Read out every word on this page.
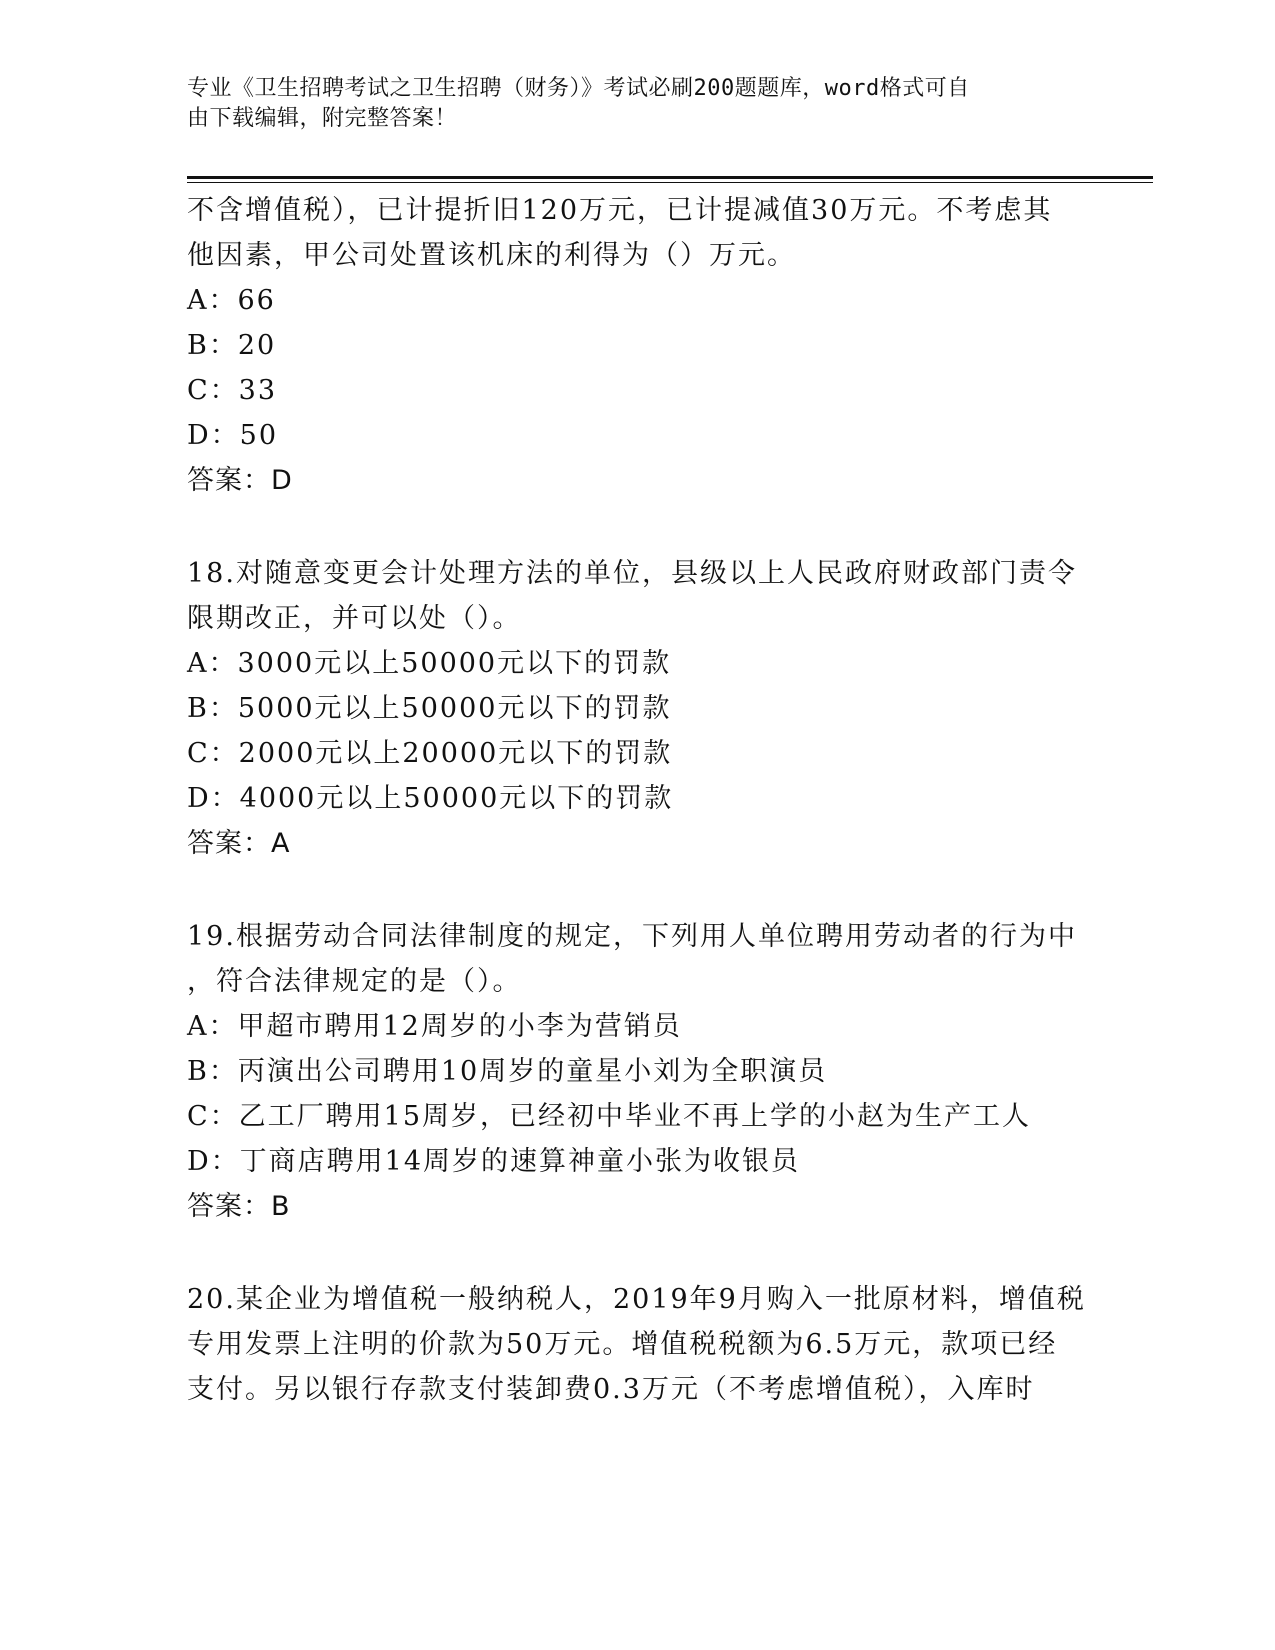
专业《卫生招聘考试之卫生招聘（财务）》考试必刷200题题库，word格式可自
由下载编辑，附完整答案！
不含增值税），已计提折旧120万元，已计提减值30万元。不考虑其
他因素，甲公司处置该机床的利得为（）万元。
A：66
B：20
C：33
D：50
答案：D
18.对随意变更会计处理方法的单位，县级以上人民政府财政部门责令
限期改正，并可以处（）。
A：3000元以上50000元以下的罚款
B：5000元以上50000元以下的罚款
C：2000元以上20000元以下的罚款
D：4000元以上50000元以下的罚款
答案：A
19.根据劳动合同法律制度的规定，下列用人单位聘用劳动者的行为中
，符合法律规定的是（）。
A：甲超市聘用12周岁的小李为营销员
B：丙演出公司聘用10周岁的童星小刘为全职演员
C：乙工厂聘用15周岁，已经初中毕业不再上学的小赵为生产工人
D：丁商店聘用14周岁的速算神童小张为收银员
答案：B
20.某企业为增值税一般纳税人，2019年9月购入一批原材料，增值税
专用发票上注明的价款为50万元。增值税税额为6.5万元，款项已经
支付。另以银行存款支付装卸费0.3万元（不考虑增值税），入库时
